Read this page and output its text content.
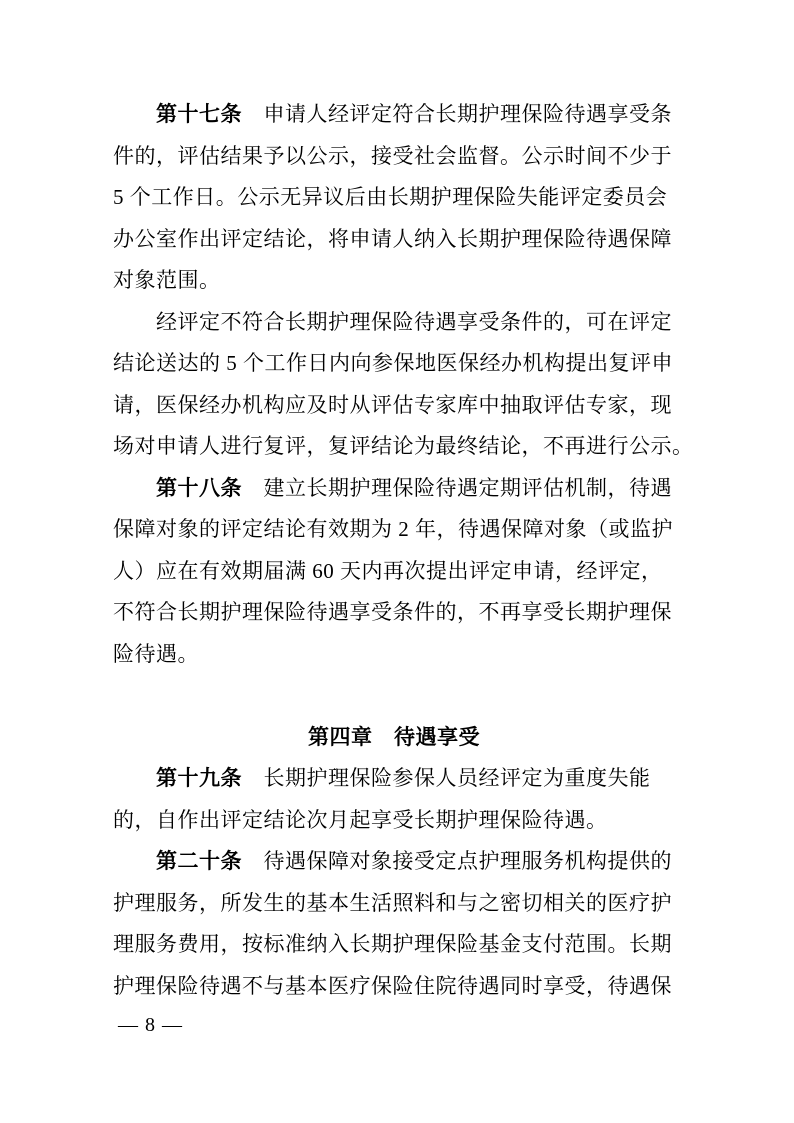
第十七条　申请人经评定符合长期护理保险待遇享受条
件的，评估结果予以公示，接受社会监督。公示时间不少于
5 个工作日。公示无异议后由长期护理保险失能评定委员会
办公室作出评定结论，将申请人纳入长期护理保险待遇保障
对象范围。
经评定不符合长期护理保险待遇享受条件的，可在评定
结论送达的 5 个工作日内向参保地医保经办机构提出复评申
请，医保经办机构应及时从评估专家库中抽取评估专家，现
场对申请人进行复评，复评结论为最终结论，不再进行公示。
第十八条　建立长期护理保险待遇定期评估机制，待遇
保障对象的评定结论有效期为 2 年，待遇保障对象（或监护
人）应在有效期届满 60 天内再次提出评定申请，经评定，
不符合长期护理保险待遇享受条件的，不再享受长期护理保
险待遇。
第四章　待遇享受
第十九条　长期护理保险参保人员经评定为重度失能
的，自作出评定结论次月起享受长期护理保险待遇。
第二十条　待遇保障对象接受定点护理服务机构提供的
护理服务，所发生的基本生活照料和与之密切相关的医疗护
理服务费用，按标准纳入长期护理保险基金支付范围。长期
护理保险待遇不与基本医疗保险住院待遇同时享受，待遇保
— 8 —
